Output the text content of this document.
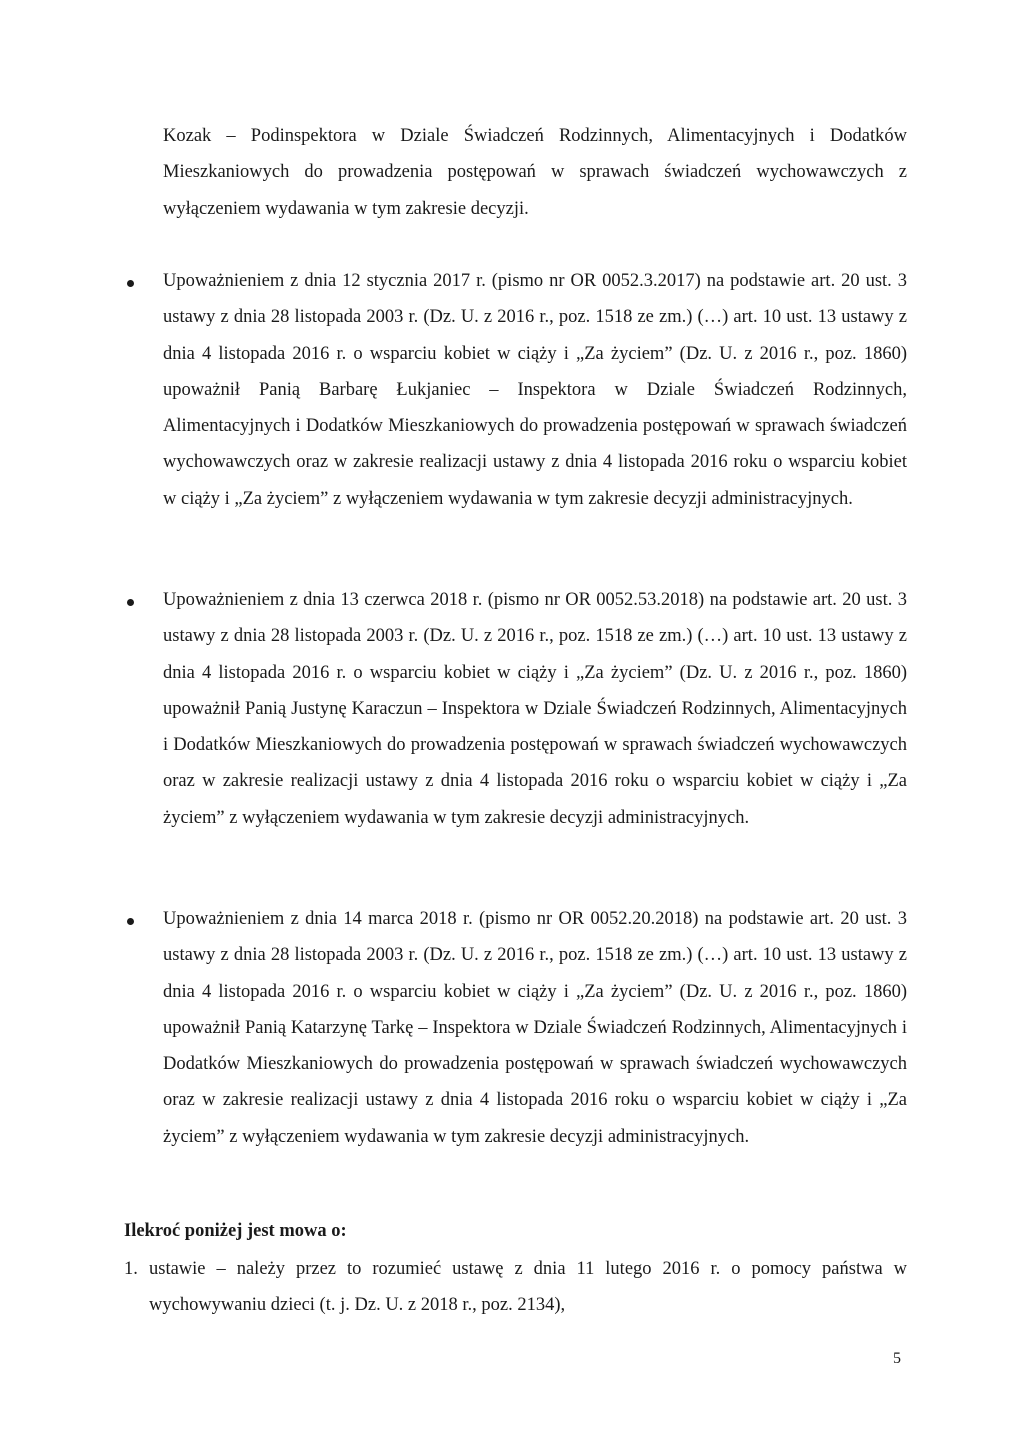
Kozak – Podinspektora w Dziale Świadczeń Rodzinnych, Alimentacyjnych i Dodatków Mieszkaniowych do prowadzenia postępowań w sprawach świadczeń wychowawczych z wyłączeniem wydawania w tym zakresie decyzji.

Upoważnieniem z dnia 12 stycznia 2017 r. (pismo nr OR 0052.3.2017) na podstawie art. 20 ust. 3 ustawy z dnia 28 listopada 2003 r. (Dz. U. z 2016 r., poz. 1518 ze zm.) (…) art. 10 ust. 13 ustawy z dnia 4 listopada 2016 r. o wsparciu kobiet w ciąży i „Za życiem” (Dz. U. z 2016 r., poz. 1860) upoważnił Panią Barbarę Łukjaniec – Inspektora w Dziale Świadczeń Rodzinnych, Alimentacyjnych i Dodatków Mieszkaniowych do prowadzenia postępowań w sprawach świadczeń wychowawczych oraz w zakresie realizacji ustawy z dnia 4 listopada 2016 roku o wsparciu kobiet w ciąży i „Za życiem” z wyłączeniem wydawania w tym zakresie decyzji administracyjnych.

Upoważnieniem z dnia 13 czerwca 2018 r. (pismo nr OR 0052.53.2018) na podstawie art. 20 ust. 3 ustawy z dnia 28 listopada 2003 r. (Dz. U. z 2016 r., poz. 1518 ze zm.) (…) art. 10 ust. 13 ustawy z dnia 4 listopada 2016 r. o wsparciu kobiet w ciąży i „Za życiem” (Dz. U. z 2016 r., poz. 1860) upoważnił Panią Justynę Karaczun – Inspektora w Dziale Świadczeń Rodzinnych, Alimentacyjnych i Dodatków Mieszkaniowych do prowadzenia postępowań w sprawach świadczeń wychowawczych oraz w zakresie realizacji ustawy z dnia 4 listopada 2016 roku o wsparciu kobiet w ciąży i „Za życiem” z wyłączeniem wydawania w tym zakresie decyzji administracyjnych.

Upoważnieniem z dnia 14 marca 2018 r. (pismo nr OR 0052.20.2018) na podstawie art. 20 ust. 3 ustawy z dnia 28 listopada 2003 r. (Dz. U. z 2016 r., poz. 1518 ze zm.) (…) art. 10 ust. 13 ustawy z dnia 4 listopada 2016 r. o wsparciu kobiet w ciąży i „Za życiem” (Dz. U. z 2016 r., poz. 1860) upoważnił Panią Katarzynę Tarkę – Inspektora w Dziale Świadczeń Rodzinnych, Alimentacyjnych i Dodatków Mieszkaniowych do prowadzenia postępowań w sprawach świadczeń wychowawczych oraz w zakresie realizacji ustawy z dnia 4 listopada 2016 roku o wsparciu kobiet w ciąży i „Za życiem” z wyłączeniem wydawania w tym zakresie decyzji administracyjnych.

Ilekroć poniżej jest mowa o:

1. ustawie – należy przez to rozumieć ustawę z dnia 11 lutego 2016 r. o pomocy państwa w wychowywaniu dzieci (t. j. Dz. U. z 2018 r., poz. 2134),

5
